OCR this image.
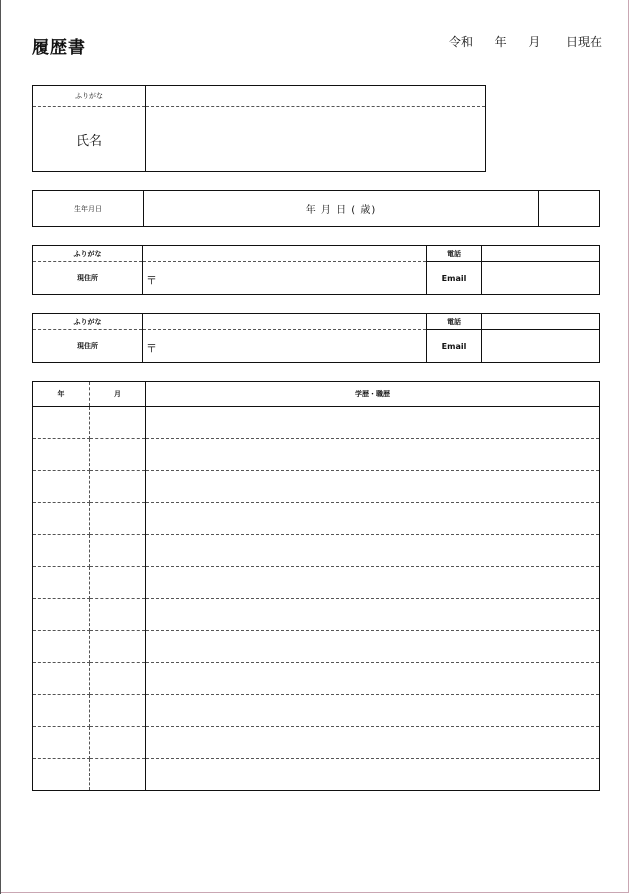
履歴書	令和 年 月 日現在
ふりがな	
氏名	
生年月日	年 月 日 ( 歳)	
ふりがな		電話	
現住所	〒	Email	
ふりがな		電話	
現住所	〒	Email	
年	月	学歴・職歴
